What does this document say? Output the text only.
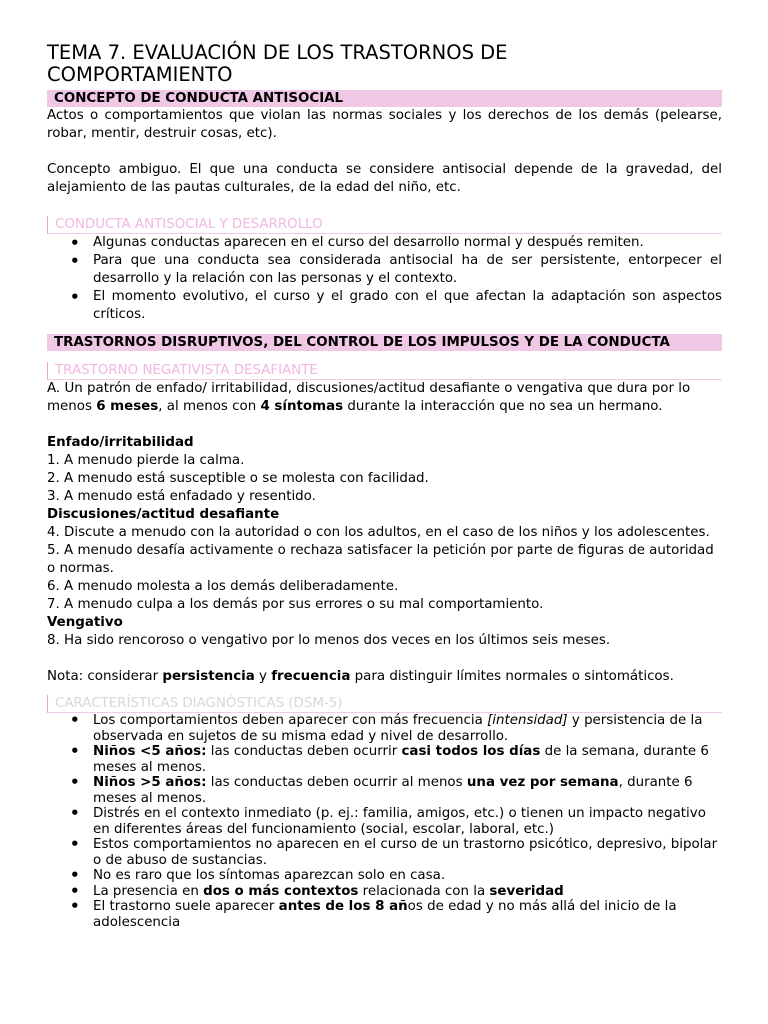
TEMA 7. EVALUACIÓN DE LOS TRASTORNOS DE
COMPORTAMIENTO
CONCEPTO DE CONDUCTA ANTISOCIAL

Actos o comportamientos que violan las normas sociales y los derechos de los demás (pelearse, robar, mentir, destruir cosas, etc).

Concepto ambiguo. El que una conducta se considere antisocial depende de la gravedad, del alejamiento de las pautas culturales, de la edad del niño, etc.

CONDUCTA ANTISOCIAL Y DESARROLLO
• Algunas conductas aparecen en el curso del desarrollo normal y después remiten.
• Para que una conducta sea considerada antisocial ha de ser persistente, entorpecer el desarrollo y la relación con las personas y el contexto.
• El momento evolutivo, el curso y el grado con el que afectan la adaptación son aspectos críticos.
TRASTORNOS DISRUPTIVOS, DEL CONTROL DE LOS IMPULSOS Y DE LA CONDUCTA
TRASTORNO NEGATIVISTA DESAFIANTE

A. Un patrón de enfado/ irritabilidad, discusiones/actitud desafiante o vengativa que dura por lo menos 6 meses, al menos con 4 síntomas durante la interacción que no sea un hermano.

Enfado/irritabilidad

1. A menudo pierde la calma.

2. A menudo está susceptible o se molesta con facilidad.

3. A menudo está enfadado y resentido.

Discusiones/actitud desafiante

4. Discute a menudo con la autoridad o con los adultos, en el caso de los niños y los adolescentes.

5. A menudo desafía activamente o rechaza satisfacer la petición por parte de figuras de autoridad o normas.

6. A menudo molesta a los demás deliberadamente.

7. A menudo culpa a los demás por sus errores o su mal comportamiento.

Vengativo

8. Ha sido rencoroso o vengativo por lo menos dos veces en los últimos seis meses.

Nota: considerar persistencia y frecuencia para distinguir límites normales o sintomáticos.

CARACTERÍSTICAS DIAGNÓSTICAS (DSM-5)
• Los comportamientos deben aparecer con más frecuencia [intensidad] y persistencia de la observada en sujetos de su misma edad y nivel de desarrollo.
• Niños <5 años: las conductas deben ocurrir casi todos los días de la semana, durante 6 meses al menos.
• Niños >5 años: las conductas deben ocurrir al menos una vez por semana, durante 6 meses al menos.
• Distrés en el contexto inmediato (p. ej.: familia, amigos, etc.) o tienen un impacto negativo en diferentes áreas del funcionamiento (social, escolar, laboral, etc.)
• Estos comportamientos no aparecen en el curso de un trastorno psicótico, depresivo, bipolar o de abuso de sustancias.
• No es raro que los síntomas aparezcan solo en casa.
• La presencia en dos o más contextos relacionada con la severidad
• El trastorno suele aparecer antes de los 8 años de edad y no más allá del inicio de la adolescencia
